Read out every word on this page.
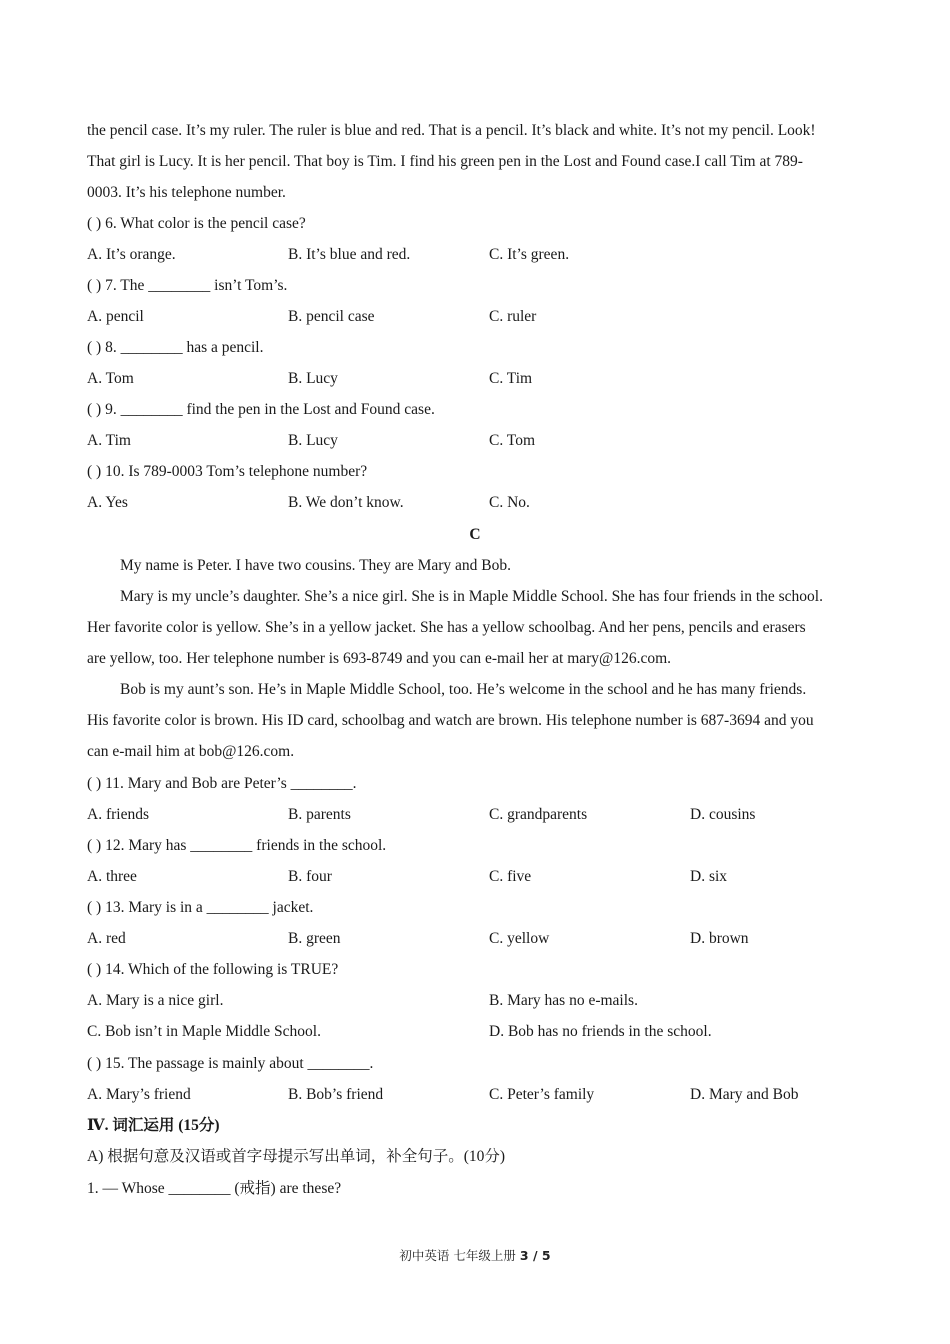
the pencil case. It’s my ruler. The ruler is blue and red. That is a pencil. It’s black and white. It’s not my pencil. Look!
That girl is Lucy. It is her pencil. That boy is Tim. I find his green pen in the Lost and Found case.I call Tim at 789-
0003. It’s his telephone number.
( ) 6. What color is the pencil case?
A. It’s orange.	B. It’s blue and red.	C. It’s green.
( ) 7. The ________ isn’t Tom’s.
A. pencil	B. pencil case	C. ruler
( ) 8. ________ has a pencil.
A. Tom	B. Lucy	C. Tim
( ) 9. ________ find the pen in the Lost and Found case.
A. Tim	B. Lucy	C. Tom
( ) 10. Is 789-0003 Tom’s telephone number?
A. Yes	B. We don’t know.	C. No.
C
My name is Peter. I have two cousins. They are Mary and Bob.
Mary is my uncle’s daughter. She’s a nice girl. She is in Maple Middle School. She has four friends in the school.
Her favorite color is yellow. She’s in a yellow jacket. She has a yellow schoolbag. And her pens, pencils and erasers
are yellow, too. Her telephone number is 693-8749 and you can e-mail her at mary@126.com.
Bob is my aunt’s son. He’s in Maple Middle School, too. He’s welcome in the school and he has many friends.
His favorite color is brown. His ID card, schoolbag and watch are brown. His telephone number is 687-3694 and you
can e-mail him at bob@126.com.
( ) 11. Mary and Bob are Peter’s ________.
A. friends	B. parents	C. grandparents	D. cousins
( ) 12. Mary has ________ friends in the school.
A. three	B. four	C. five	D. six
( ) 13. Mary is in a ________ jacket.
A. red	B. green	C. yellow	D. brown
( ) 14. Which of the following is TRUE?
A. Mary is a nice girl.	B. Mary has no e-mails.
C. Bob isn’t in Maple Middle School.	D. Bob has no friends in the school.
( ) 15. The passage is mainly about ________.
A. Mary’s friend	B. Bob’s friend	C. Peter’s family	D. Mary and Bob
Ⅳ. 词汇运用 (15分)
A) 根据句意及汉语或首字母提示写出单词，补全句子。(10分)
1. — Whose ________ (戒指) are these?
初中英语 七年级上册 3 / 5
